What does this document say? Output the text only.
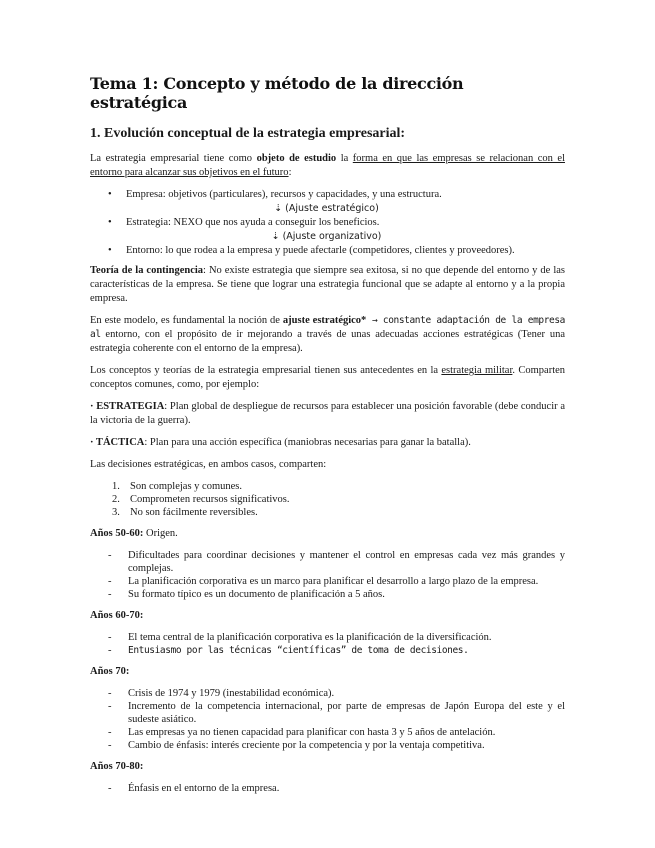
Tema 1: Concepto y método de la dirección estratégica
1. Evolución conceptual de la estrategia empresarial:

La estrategia empresarial tiene como objeto de estudio la forma en que las empresas se relacionan con el entorno para alcanzar sus objetivos en el futuro:

• Empresa: objetivos (particulares), recursos y capacidades, y una estructura.
⇣ (Ajuste estratégico)
• Estrategia: NEXO que nos ayuda a conseguir los beneficios.
⇣ (Ajuste organizativo)
• Entorno: lo que rodea a la empresa y puede afectarle (competidores, clientes y proveedores).

Teoría de la contingencia: No existe estrategia que siempre sea exitosa, si no que depende del entorno y de las características de la empresa. Se tiene que lograr una estrategia funcional que se adapte al entorno y a la propia empresa.

En este modelo, es fundamental la noción de ajuste estratégico* → constante adaptación de la empresa al entorno, con el propósito de ir mejorando a través de unas adecuadas acciones estratégicas (Tener una estrategia coherente con el entorno de la empresa).

Los conceptos y teorías de la estrategia empresarial tienen sus antecedentes en la estrategia militar. Comparten conceptos comunes, como, por ejemplo:

· ESTRATEGIA: Plan global de despliegue de recursos para establecer una posición favorable (debe conducir a la victoria de la guerra).

· TÁCTICA: Plan para una acción específica (maniobras necesarias para ganar la batalla).

Las decisiones estratégicas, en ambos casos, comparten:

1. Son complejas y comunes.
2. Comprometen recursos significativos.
3. No son fácilmente reversibles.
Años 50-60: Origen.
- Dificultades para coordinar decisiones y mantener el control en empresas cada vez más grandes y complejas.
- La planificación corporativa es un marco para planificar el desarrollo a largo plazo de la empresa.
- Su formato típico es un documento de planificación a 5 años.
Años 60-70:
- El tema central de la planificación corporativa es la planificación de la diversificación.
- Entusiasmo por las técnicas “científicas” de toma de decisiones.
Años 70:
- Crisis de 1974 y 1979 (inestabilidad económica).
- Incremento de la competencia internacional, por parte de empresas de Japón Europa del este y el sudeste asiático.
- Las empresas ya no tienen capacidad para planificar con hasta 3 y 5 años de antelación.
- Cambio de énfasis: interés creciente por la competencia y por la ventaja competitiva.
Años 70-80:
- Énfasis en el entorno de la empresa.
